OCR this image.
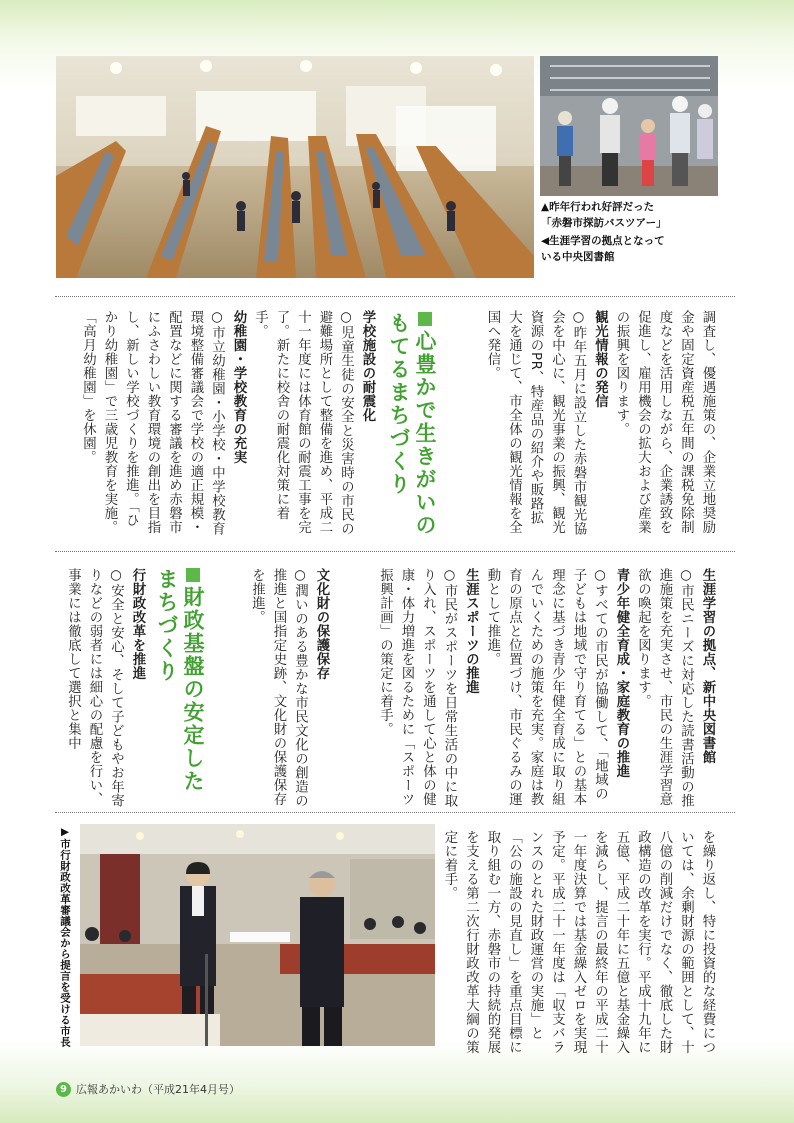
▲昨年行われ好評だった
「赤磐市探訪バスツアー」
◀生涯学習の拠点となっている中央図書館

調査し、優遇施策の、企業立地奨励金や固定資産税五年間の課税免除制度などを活用しながら、企業誘致を促進し、雇用機会の拡大および産業の振興を図ります。

観光情報の発信

○昨年五月に設立した赤磐市観光協会を中心に、観光事業の振興、観光資源のPR、特産品の紹介や販路拡大を通じて、市全体の観光情報を全国へ発信。

心豊かで生きがいのもてるまちづくり
学校施設の耐震化

○児童生徒の安全と災害時の市民の避難場所として整備を進め、平成二十一年度には体育館の耐震工事を完了。新たに校舎の耐震化対策に着手。

幼稚園・学校教育の充実

○市立幼稚園・小学校・中学校教育環境整備審議会で学校の適正規模・配置などに関する審議を進め赤磐市にふさわしい教育環境の創出を目指し、新しい学校づくりを推進。「ひかり幼稚園」で三歳児教育を実施。「高月幼稚園」を休園。

生涯学習の拠点、新中央図書館

○市民ニーズに対応した読書活動の推進施策を充実させ、市民の生涯学習意欲の喚起を図ります。

青少年健全育成・家庭教育の推進

○すべての市民が協働して、「地域の子どもは地域で守り育てる」との基本理念に基づき青少年健全育成に取り組んでいくための施策を充実。家庭は教育の原点と位置づけ、市民ぐるみの運動として推進。

生涯スポーツの推進

○市民がスポーツを日常生活の中に取り入れ、スポーツを通して心と体の健康・体力増進を図るために「スポーツ振興計画」の策定に着手。

文化財の保護保存

○潤いのある豊かな市民文化の創造の推進と国指定史跡、文化財の保護保存を推進。

財政基盤の安定したまちづくり
行財政改革を推進

○安全と安心、そして子どもやお年寄りなどの弱者には細心の配慮を行い、事業には徹底して選択と集中

を繰り返し、特に投資的な経費については、余剰財源の範囲として、十八億の削減だけでなく、徹底した財政構造の改革を実行。平成十九年に五億、平成二十年に五億と基金繰入を減らし、提言の最終年の平成二十一年度決算では基金繰入ゼロを実現予定。平成二十一年度は「収支バランスのとれた財政運営の実施」と「公の施設の見直し」を重点目標に取り組む一方、赤磐市の持続的発展を支える第二次行財政改革大綱の策定に着手。

▶市行財政改革審議会から提言を受ける市長
9 広報あかいわ（平成21年4月号）
